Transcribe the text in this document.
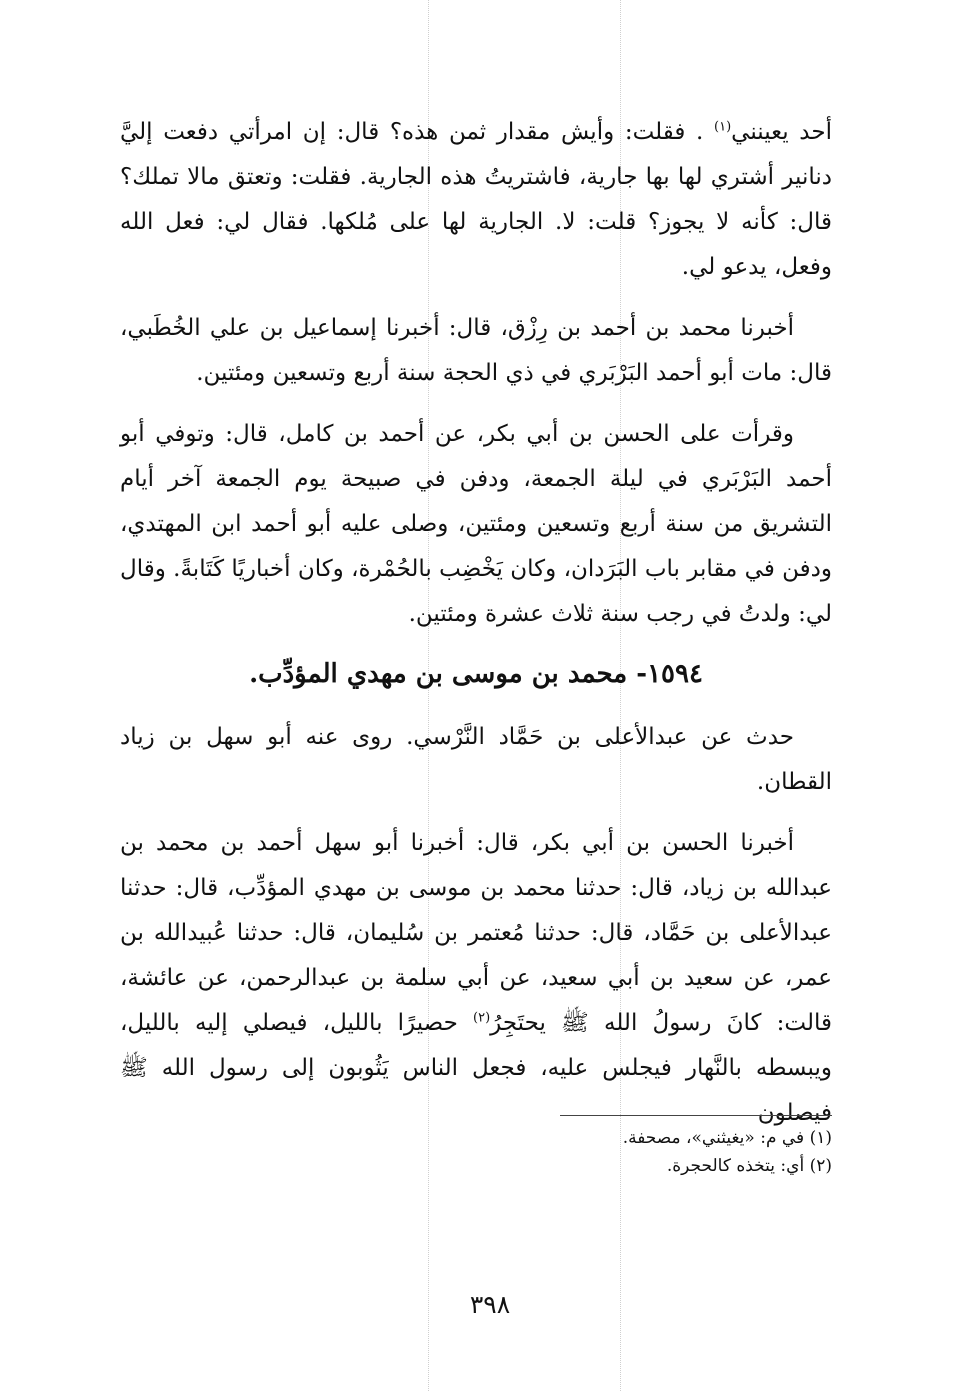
أحد يعينني$^{(١)}$ . فقلت: وأيش مقدار ثمن هذه؟ قال: إن امرأتي دفعت إليَّ دنانير أشتري لها بها جارية، فاشتريتُ هذه الجارية. فقلت: وتعتق مالا تملك؟ قال: كأنه لا يجوز؟ قلت: لا. الجارية لها على مُلكها. فقال لي: فعل الله وفعل، يدعو لي.

أخبرنا محمد بن أحمد بن رِزْق، قال: أخبرنا إسماعيل بن علي الخُطَبي، قال: مات أبو أحمد البَرْبَري في ذي الحجة سنة أربع وتسعين ومئتين.

وقرأت على الحسن بن أبي بكر، عن أحمد بن كامل، قال: وتوفي أبو أحمد البَرْبَري في ليلة الجمعة، ودفن في صبيحة يوم الجمعة آخر أيام التشريق من سنة أربع وتسعين ومئتين، وصلى عليه أبو أحمد ابن المهتدي، ودفن في مقابر باب البَرَدان، وكان يَخْضِب بالحُمْرة، وكان أخباريًا كَتَابةً. وقال لي: ولدتُ في رجب سنة ثلاث عشرة ومئتين.

١٥٩٤- محمد بن موسى بن مهدي المؤدِّب.

حدث عن عبدالأعلى بن حَمَّاد النَّرْسي. روى عنه أبو سهل بن زياد القطان.

أخبرنا الحسن بن أبي بكر، قال: أخبرنا أبو سهل أحمد بن محمد بن عبدالله بن زياد، قال: حدثنا محمد بن موسى بن مهدي المؤدِّب، قال: حدثنا عبدالأعلى بن حَمَّاد، قال: حدثنا مُعتمر بن سُليمان، قال: حدثنا عُبيدالله بن عمر، عن سعيد بن أبي سعيد، عن أبي سلمة بن عبدالرحمن، عن عائشة، قالت: كانَ رسولُ الله ﷺ يحتَجِرُ$^{(٢)}$ حصيرًا بالليل، فيصلي إليه بالليل، ويبسطه بالنَّهار فيجلس عليه، فجعل الناس يَثُوبون إلى رسول الله ﷺ فيصلون

(١) في م: «يغيثني»، مصحفة.

(٢) أي: يتخذه كالحجرة.

٣٩٨
